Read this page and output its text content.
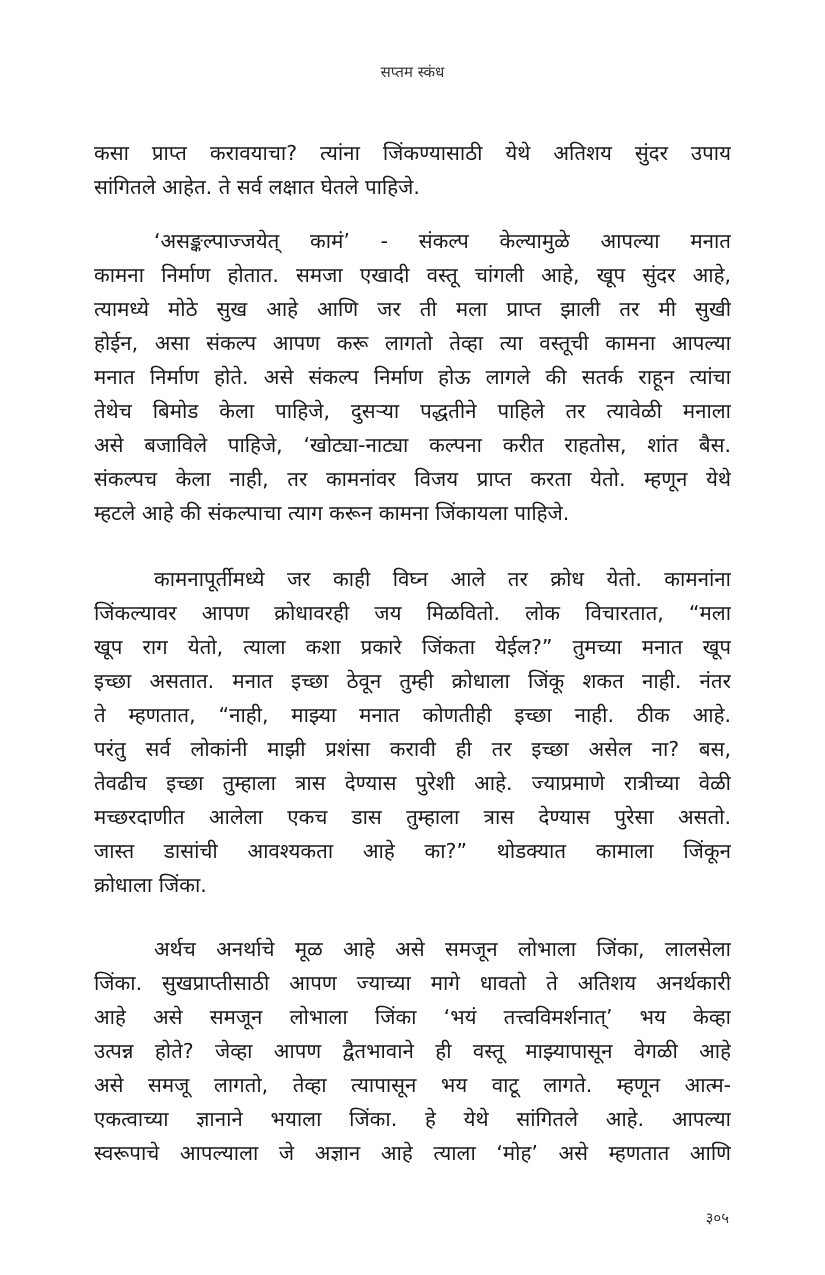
सप्तम स्कंध
कसा प्राप्त करावयाचा? त्यांना जिंकण्यासाठी येथे अतिशय सुंदर उपाय
सांगितले आहेत. ते सर्व लक्षात घेतले पाहिजे.
‘असङ्कल्पाज्जयेत् कामं’ - संकल्प केल्यामुळे आपल्या मनात
कामना निर्माण होतात. समजा एखादी वस्तू चांगली आहे, खूप सुंदर आहे,
त्यामध्ये मोठे सुख आहे आणि जर ती मला प्राप्त झाली तर मी सुखी
होईन, असा संकल्प आपण करू लागतो तेव्हा त्या वस्तूची कामना आपल्या
मनात निर्माण होते. असे संकल्प निर्माण होऊ लागले की सतर्क राहून त्यांचा
तेथेच बिमोड केला पाहिजे, दुसऱ्या पद्धतीने पाहिले तर त्यावेळी मनाला
असे बजाविले पाहिजे, ‘खोट्या-नाट्या कल्पना करीत राहतोस, शांत बैस.
संकल्पच केला नाही, तर कामनांवर विजय प्राप्त करता येतो. म्हणून येथे
म्हटले आहे की संकल्पाचा त्याग करून कामना जिंकायला पाहिजे.
कामनापूर्तीमध्ये जर काही विघ्न आले तर क्रोध येतो. कामनांना
जिंकल्यावर आपण क्रोधावरही जय मिळवितो. लोक विचारतात, “मला
खूप राग येतो, त्याला कशा प्रकारे जिंकता येईल?” तुमच्या मनात खूप
इच्छा असतात. मनात इच्छा ठेवून तुम्ही क्रोधाला जिंकू शकत नाही. नंतर
ते म्हणतात, “नाही, माझ्या मनात कोणतीही इच्छा नाही. ठीक आहे.
परंतु सर्व लोकांनी माझी प्रशंसा करावी ही तर इच्छा असेल ना? बस,
तेवढीच इच्छा तुम्हाला त्रास देण्यास पुरेशी आहे. ज्याप्रमाणे रात्रीच्या वेळी
मच्छरदाणीत आलेला एकच डास तुम्हाला त्रास देण्यास पुरेसा असतो.
जास्त डासांची आवश्यकता आहे का?” थोडक्यात कामाला जिंकून
क्रोधाला जिंका.
अर्थच अनर्थाचे मूळ आहे असे समजून लोभाला जिंका, लालसेला
जिंका. सुखप्राप्तीसाठी आपण ज्याच्या मागे धावतो ते अतिशय अनर्थकारी
आहे असे समजून लोभाला जिंका ‘भयं तत्त्वविमर्शनात्’ भय केव्हा
उत्पन्न होते? जेव्हा आपण द्वैतभावाने ही वस्तू माझ्यापासून वेगळी आहे
असे समजू लागतो, तेव्हा त्यापासून भय वाटू लागते. म्हणून आत्म-
एकत्वाच्या ज्ञानाने भयाला जिंका. हे येथे सांगितले आहे. आपल्या
स्वरूपाचे आपल्याला जे अज्ञान आहे त्याला ‘मोह’ असे म्हणतात आणि
३०५
